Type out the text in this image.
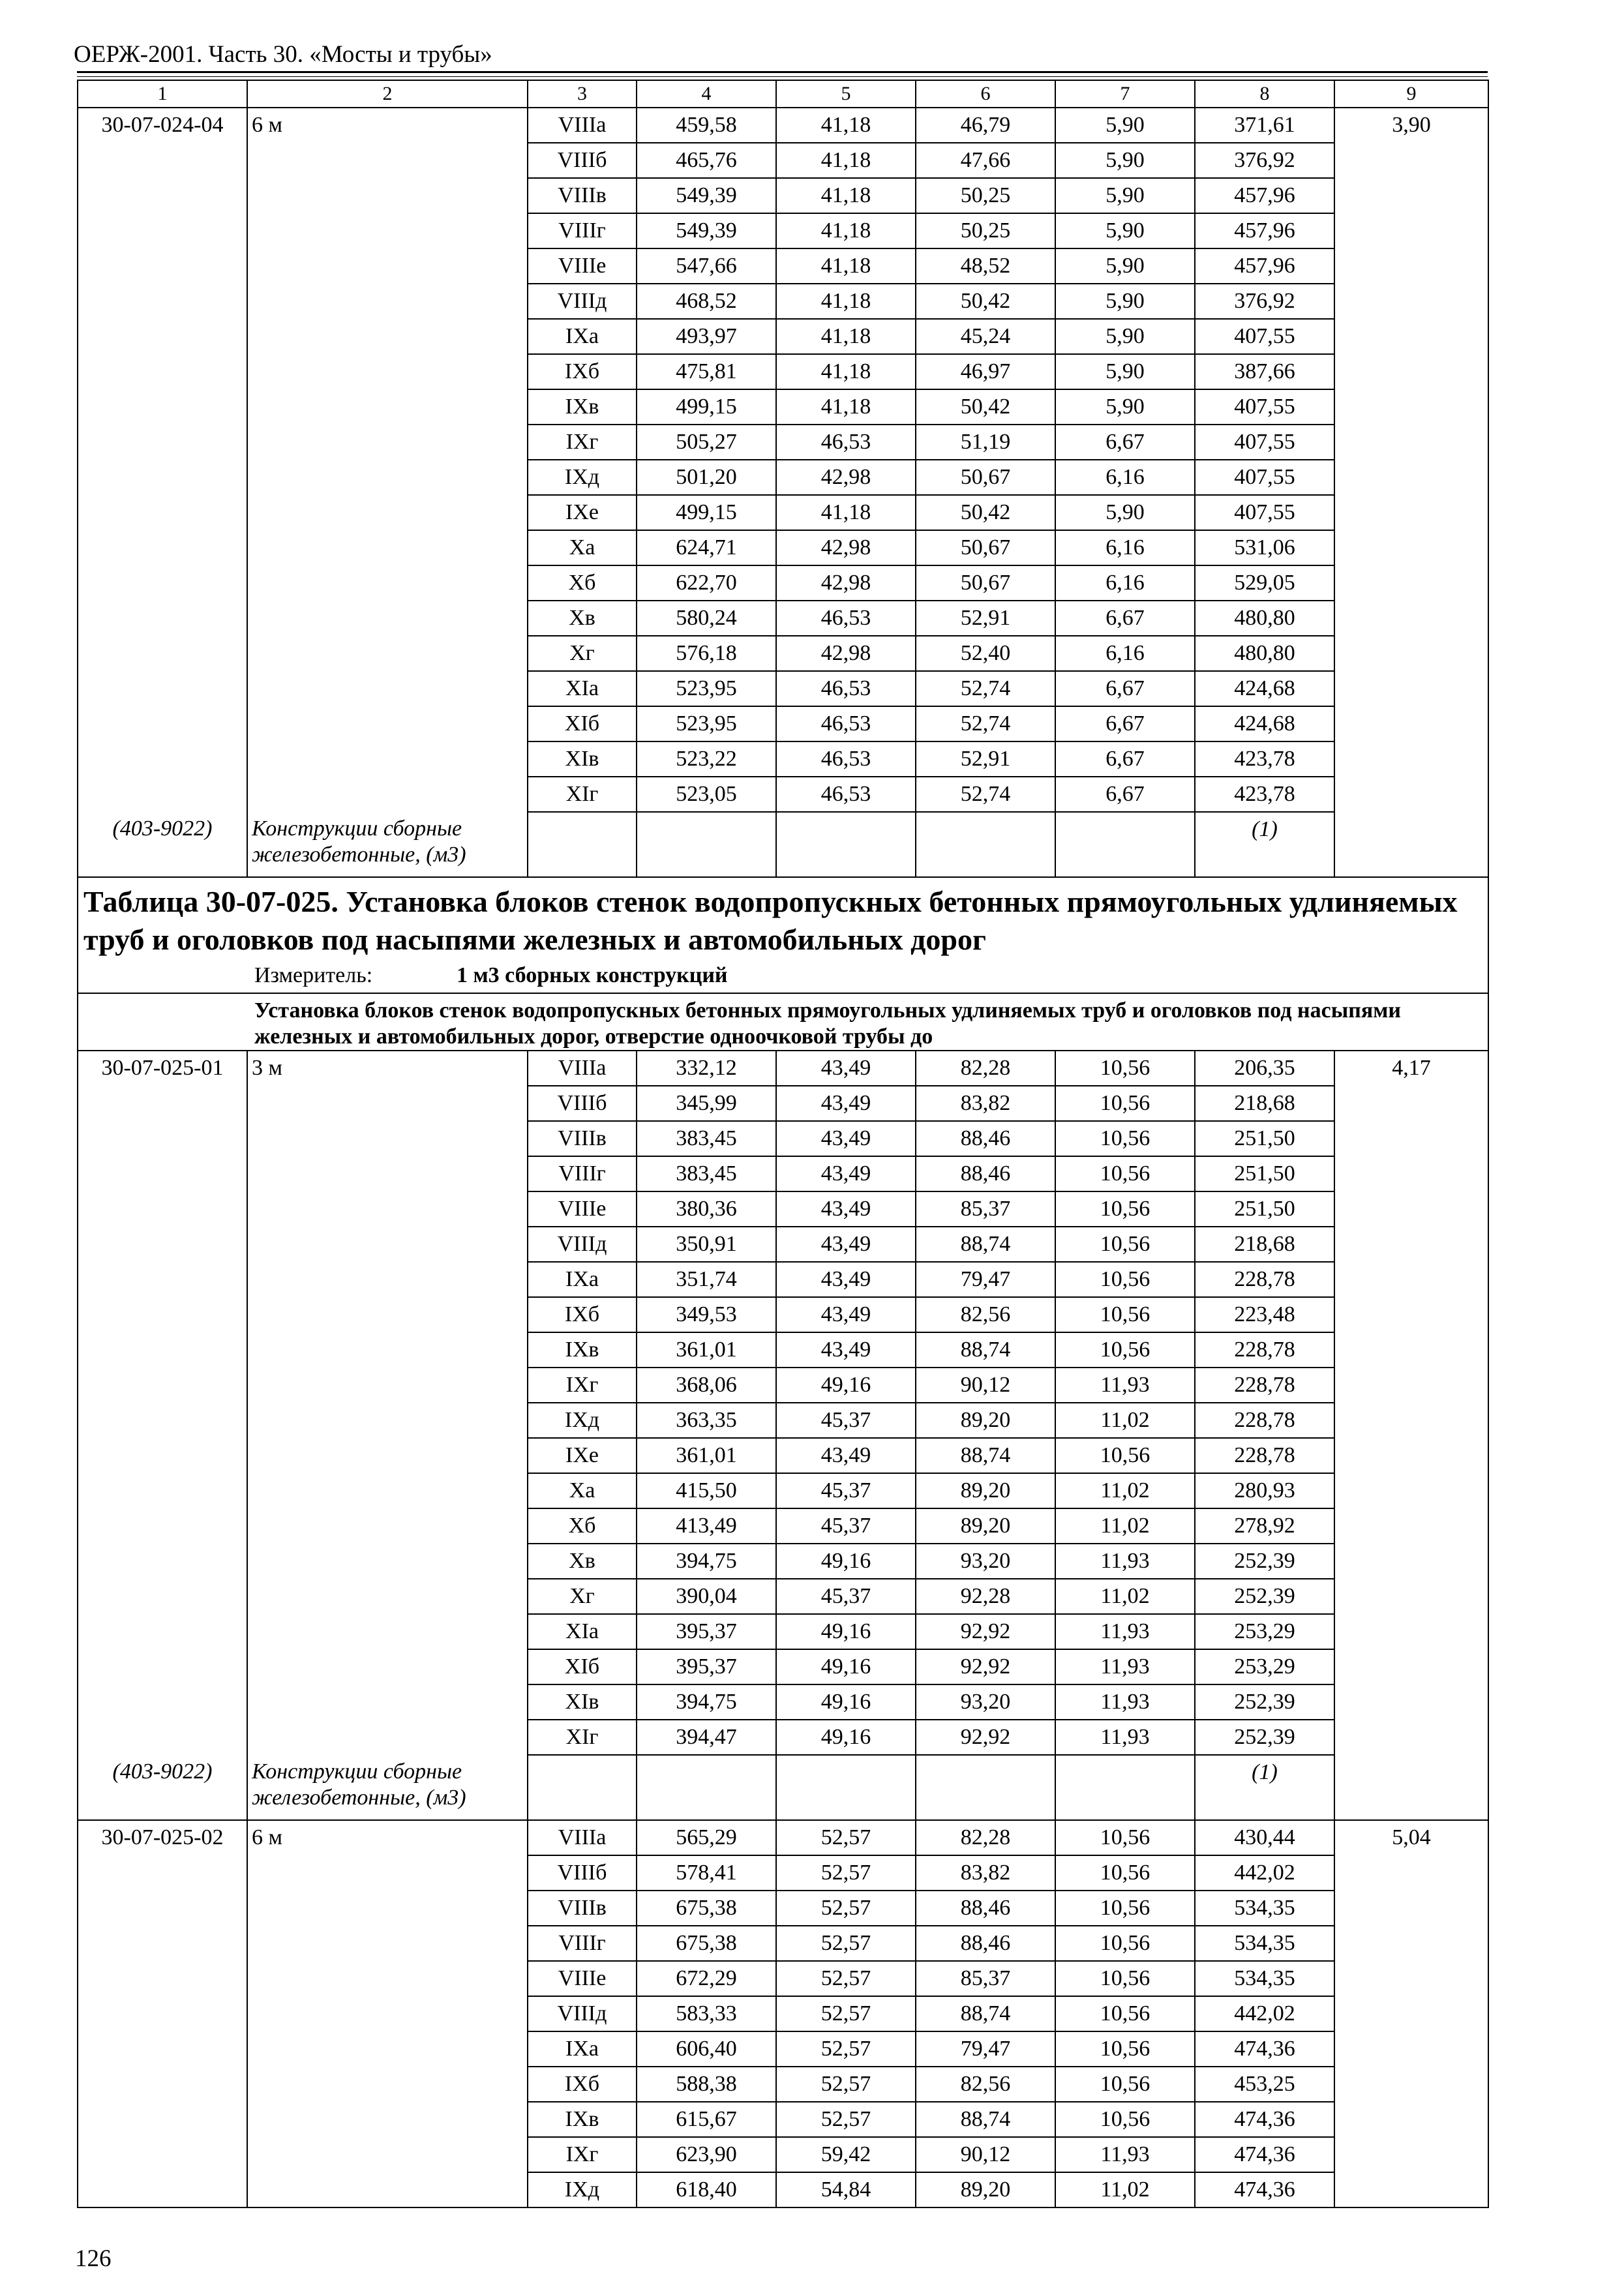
ОЕРЖ-2001. Часть 30. «Мосты и трубы»
1	2	3	4	5	6	7	8	9
30-07-024-04	6 м	VIIIа	459,58	41,18	46,79	5,90	371,61	3,90
		VIIIб	465,76	41,18	47,66	5,90	376,92	
		VIIIв	549,39	41,18	50,25	5,90	457,96	
		VIIIг	549,39	41,18	50,25	5,90	457,96	
		VIIIе	547,66	41,18	48,52	5,90	457,96	
		VIIIд	468,52	41,18	50,42	5,90	376,92	
		IXа	493,97	41,18	45,24	5,90	407,55	
		IXб	475,81	41,18	46,97	5,90	387,66	
		IXв	499,15	41,18	50,42	5,90	407,55	
		IXг	505,27	46,53	51,19	6,67	407,55	
		IXд	501,20	42,98	50,67	6,16	407,55	
		IXе	499,15	41,18	50,42	5,90	407,55	
		Xа	624,71	42,98	50,67	6,16	531,06	
		Xб	622,70	42,98	50,67	6,16	529,05	
		Xв	580,24	46,53	52,91	6,67	480,80	
		Xг	576,18	42,98	52,40	6,16	480,80	
		XIа	523,95	46,53	52,74	6,67	424,68	
		XIб	523,95	46,53	52,74	6,67	424,68	
		XIв	523,22	46,53	52,91	6,67	423,78	
		XIг	523,05	46,53	52,74	6,67	423,78	
(403-9022)	Конструкции сборные железобетонные, (м3)						(1)	
Таблица 30-07-025. Установка блоков стенок водопропускных бетонных прямоугольных удлиняемых труб и оголовков под насыпями железных и автомобильных дорог								
Измеритель: 1 м3 сборных конструкций								
Установка блоков стенок водопропускных бетонных прямоугольных удлиняемых труб и оголовков под насыпями железных и автомобильных дорог, отверстие одноочковой трубы до								
30-07-025-01	3 м	VIIIа	332,12	43,49	82,28	10,56	206,35	4,17
		VIIIб	345,99	43,49	83,82	10,56	218,68	
		VIIIв	383,45	43,49	88,46	10,56	251,50	
		VIIIг	383,45	43,49	88,46	10,56	251,50	
		VIIIе	380,36	43,49	85,37	10,56	251,50	
		VIIIд	350,91	43,49	88,74	10,56	218,68	
		IXа	351,74	43,49	79,47	10,56	228,78	
		IXб	349,53	43,49	82,56	10,56	223,48	
		IXв	361,01	43,49	88,74	10,56	228,78	
		IXг	368,06	49,16	90,12	11,93	228,78	
		IXд	363,35	45,37	89,20	11,02	228,78	
		IXе	361,01	43,49	88,74	10,56	228,78	
		Xа	415,50	45,37	89,20	11,02	280,93	
		Xб	413,49	45,37	89,20	11,02	278,92	
		Xв	394,75	49,16	93,20	11,93	252,39	
		Xг	390,04	45,37	92,28	11,02	252,39	
		XIа	395,37	49,16	92,92	11,93	253,29	
		XIб	395,37	49,16	92,92	11,93	253,29	
		XIв	394,75	49,16	93,20	11,93	252,39	
		XIг	394,47	49,16	92,92	11,93	252,39	
(403-9022)	Конструкции сборные железобетонные, (м3)						(1)	
30-07-025-02	6 м	VIIIа	565,29	52,57	82,28	10,56	430,44	5,04
		VIIIб	578,41	52,57	83,82	10,56	442,02	
		VIIIв	675,38	52,57	88,46	10,56	534,35	
		VIIIг	675,38	52,57	88,46	10,56	534,35	
		VIIIе	672,29	52,57	85,37	10,56	534,35	
		VIIIд	583,33	52,57	88,74	10,56	442,02	
		IXа	606,40	52,57	79,47	10,56	474,36	
		IXб	588,38	52,57	82,56	10,56	453,25	
		IXв	615,67	52,57	88,74	10,56	474,36	
		IXг	623,90	59,42	90,12	11,93	474,36	
		IXд	618,40	54,84	89,20	11,02	474,36	
126
